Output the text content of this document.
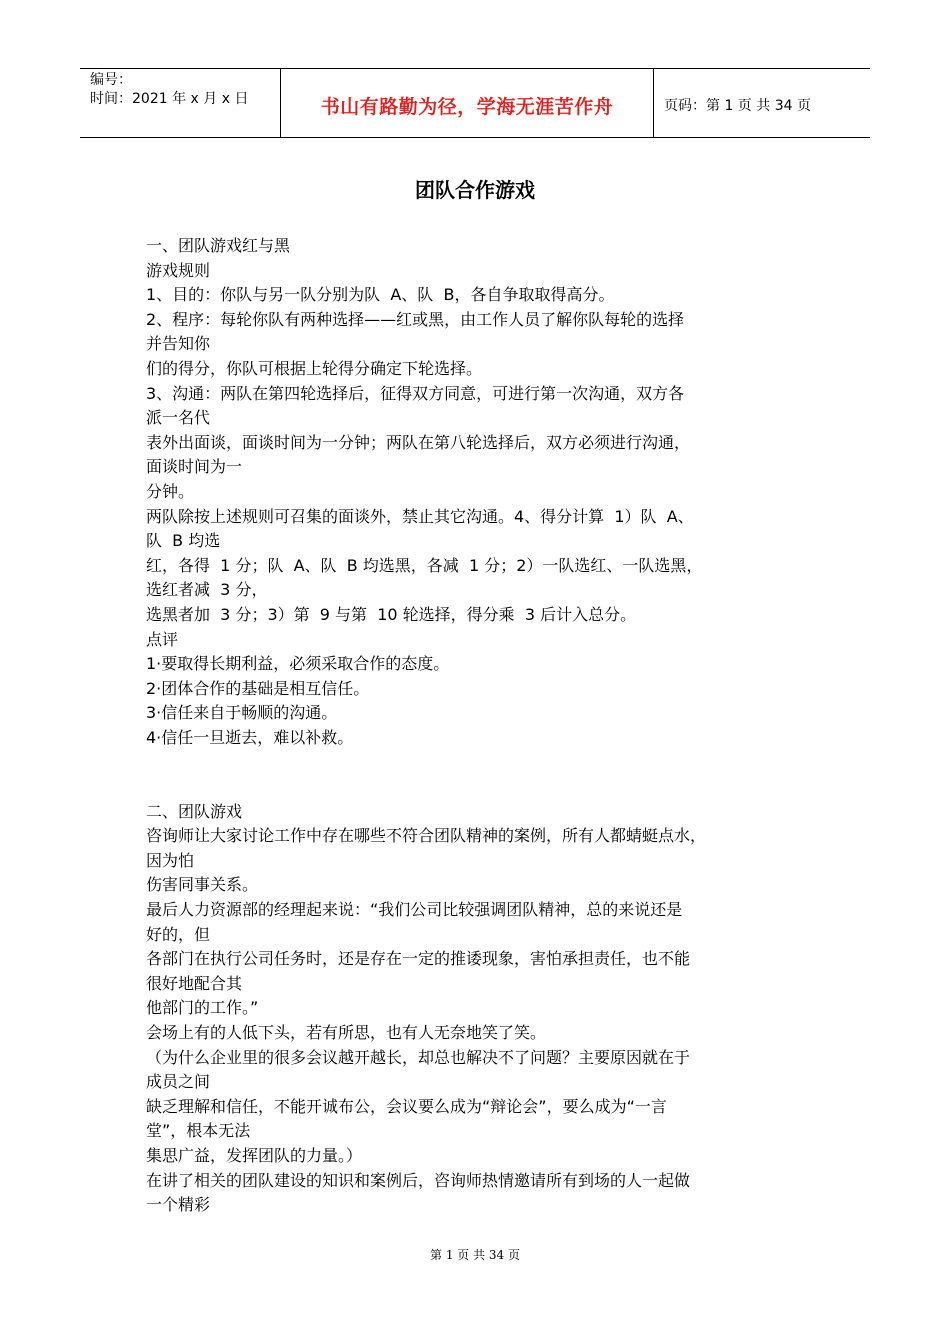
编号：
时间：2021 年 x 月 x 日	书山有路勤为径，学海无涯苦作舟	页码：第 1 页 共 34 页
团队合作游戏
一、团队游戏红与黑
游戏规则
1、目的：你队与另一队分别为队  A、队  B，各自争取取得高分。
2、程序：每轮你队有两种选择——红或黑，由工作人员了解你队每轮的选择
并告知你
们的得分，你队可根据上轮得分确定下轮选择。
3、沟通：两队在第四轮选择后，征得双方同意，可进行第一次沟通，双方各
派一名代
表外出面谈，面谈时间为一分钟；两队在第八轮选择后，双方必须进行沟通，
面谈时间为一
分钟。
两队除按上述规则可召集的面谈外，禁止其它沟通。4、得分计算  1）队  A、
队  B 均选
红，各得  1 分；队  A、队  B 均选黑，各减  1 分；2）一队选红、一队选黑，
选红者减  3 分，
选黑者加  3 分；3）第  9 与第  10 轮选择，得分乘  3 后计入总分。
点评
1·要取得长期利益，必须采取合作的态度。
2·团体合作的基础是相互信任。
3·信任来自于畅顺的沟通。
4·信任一旦逝去，难以补救。
二、团队游戏
咨询师让大家讨论工作中存在哪些不符合团队精神的案例，所有人都蜻蜓点水，
因为怕
伤害同事关系。
最后人力资源部的经理起来说：“我们公司比较强调团队精神，总的来说还是
好的，但
各部门在执行公司任务时，还是存在一定的推诿现象，害怕承担责任，也不能
很好地配合其
他部门的工作。”
会场上有的人低下头，若有所思，也有人无奈地笑了笑。
（为什么企业里的很多会议越开越长，却总也解决不了问题？主要原因就在于
成员之间
缺乏理解和信任，不能开诚布公，会议要么成为“辩论会”，要么成为“一言
堂”，根本无法
集思广益，发挥团队的力量。）
在讲了相关的团队建设的知识和案例后，咨询师热情邀请所有到场的人一起做
一个精彩
第 1 页 共 34 页
